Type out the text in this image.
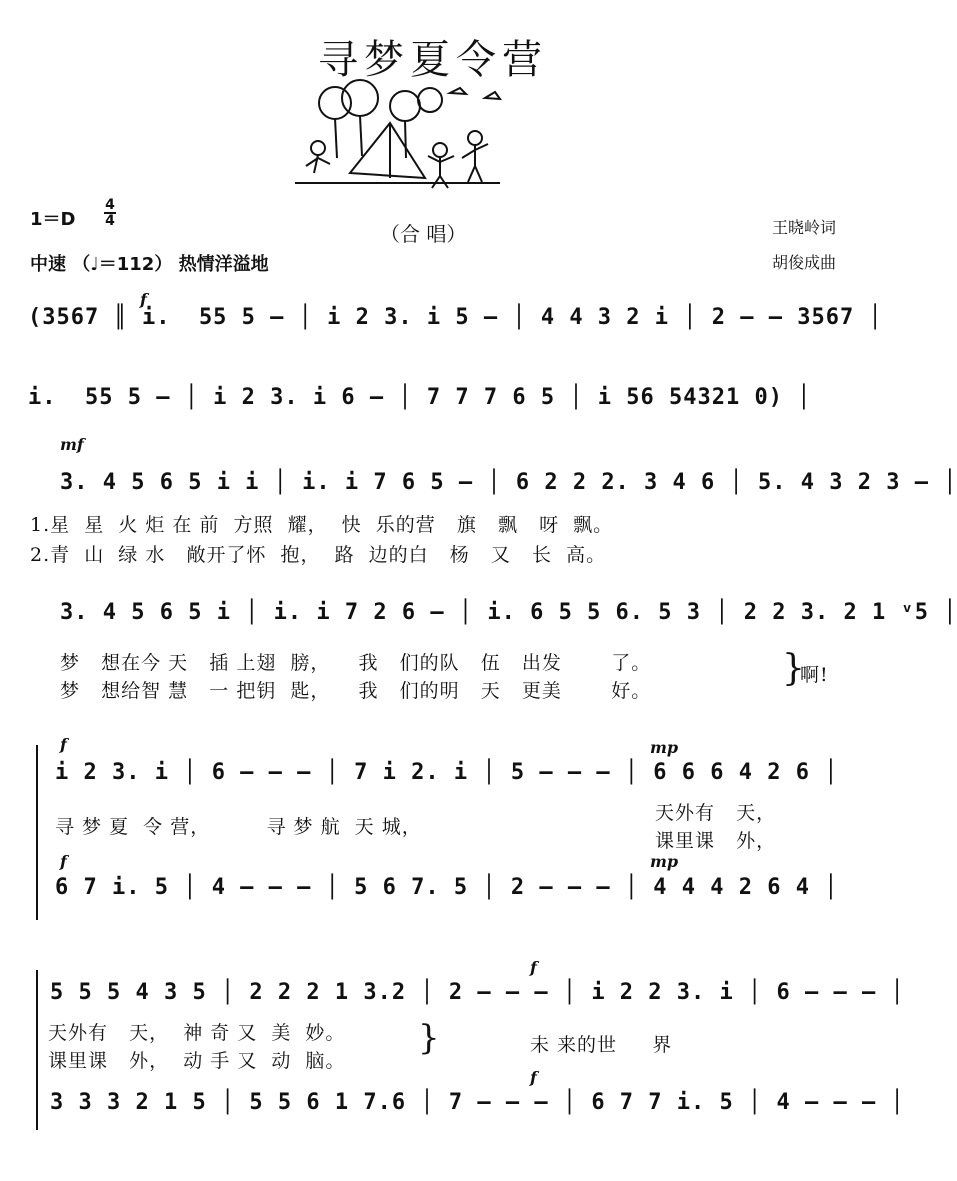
寻梦夏令营
1＝D
4
4
（合 唱）
中速 （♩＝112） 热情洋溢地
王晓岭词
胡俊成曲
f
(3567 ║ i.  55 5 – │ i 2 3. i 5 – │ 4 4 3 2 i │ 2 – – 3567 │
i.  55 5 – │ i 2 3. i 6 – │ 7 7 7 6 5 │ i 56 54321 0) │
mf
3. 4 5 6 5 i i │ i. i 7 6 5 – │ 6 2 2 2. 3 4 6 │ 5. 4 3 2 3 – │
1.星  星  火 炬 在 前  方照  耀，  快  乐的营   旗   飘   呀  飘。
2.青  山  绿 水   敞开了怀  抱，  路  边的白   杨   又   长  高。
3. 4 5 6 5 i │ i. i 7 2 6 – │ i. 6 5 5 6. 5 3 │ 2 2 3. 2 1 ᵛ5 │
梦   想在今 天   插 上翅  膀，    我   们的队   伍   出发       了。
梦   想给智 慧   一 把钥  匙，    我   们的明   天   更美       好。
}
啊!
f
i 2 3. i │ 6 – – – │ 7 i 2. i │ 5 – – – │ 6 6 6 4 2 6 │
mp
寻 梦 夏  令 营，        寻 梦 航  天 城，
天外有   天，
课里课   外，
f	mp
6 7 i. 5 │ 4 – – – │ 5 6 7. 5 │ 2 – – – │ 4 4 4 2 6 4 │
f
5 5 5 4 3 5 │ 2 2 2 1 3.2 │ 2 – – – │ i 2 2 3. i │ 6 – – – │
天外有   天，  神 奇 又  美  妙。
课里课   外，  动 手 又  动  脑。
}	未 来的世     界
f
3 3 3 2 1 5 │ 5 5 6 1 7.6 │ 7 – – – │ 6 7 7 i. 5 │ 4 – – – │
